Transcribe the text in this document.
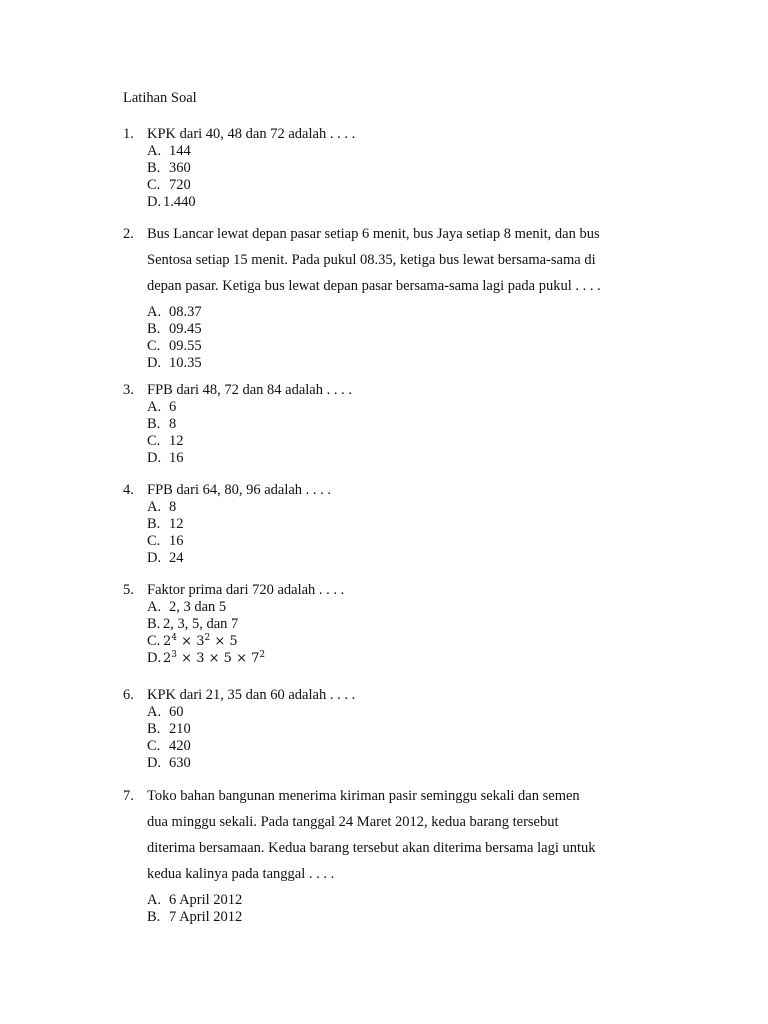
Latihan Soal
1. KPK dari 40, 48 dan 72 adalah . . . .
A. 144
B. 360
C. 720
D. 1.440
2. Bus Lancar lewat depan pasar setiap 6 menit, bus Jaya setiap 8 menit, dan bus
Sentosa setiap 15 menit. Pada pukul 08.35, ketiga bus lewat bersama-sama di
depan pasar. Ketiga bus lewat depan pasar bersama-sama lagi pada pukul . . . .
A. 08.37
B. 09.45
C. 09.55
D. 10.35
3. FPB dari 48, 72 dan 84 adalah . . . .
A. 6
B. 8
C. 12
D. 16
4. FPB dari 64, 80, 96 adalah . . . .
A. 8
B. 12
C. 16
D. 24
5. Faktor prima dari 720 adalah . . . .
A. 2, 3 dan 5
B. 2, 3, 5, dan 7
C. $2^4 \times 3^2 \times 5$
D. $2^3 \times 3 \times 5 \times 7^2$
6. KPK dari 21, 35 dan 60 adalah . . . .
A. 60
B. 210
C. 420
D. 630
7. Toko bahan bangunan menerima kiriman pasir seminggu sekali dan semen
dua minggu sekali. Pada tanggal 24 Maret 2012, kedua barang tersebut
diterima bersamaan. Kedua barang tersebut akan diterima bersama lagi untuk
kedua kalinya pada tanggal . . . .
A. 6 April 2012
B. 7 April 2012
